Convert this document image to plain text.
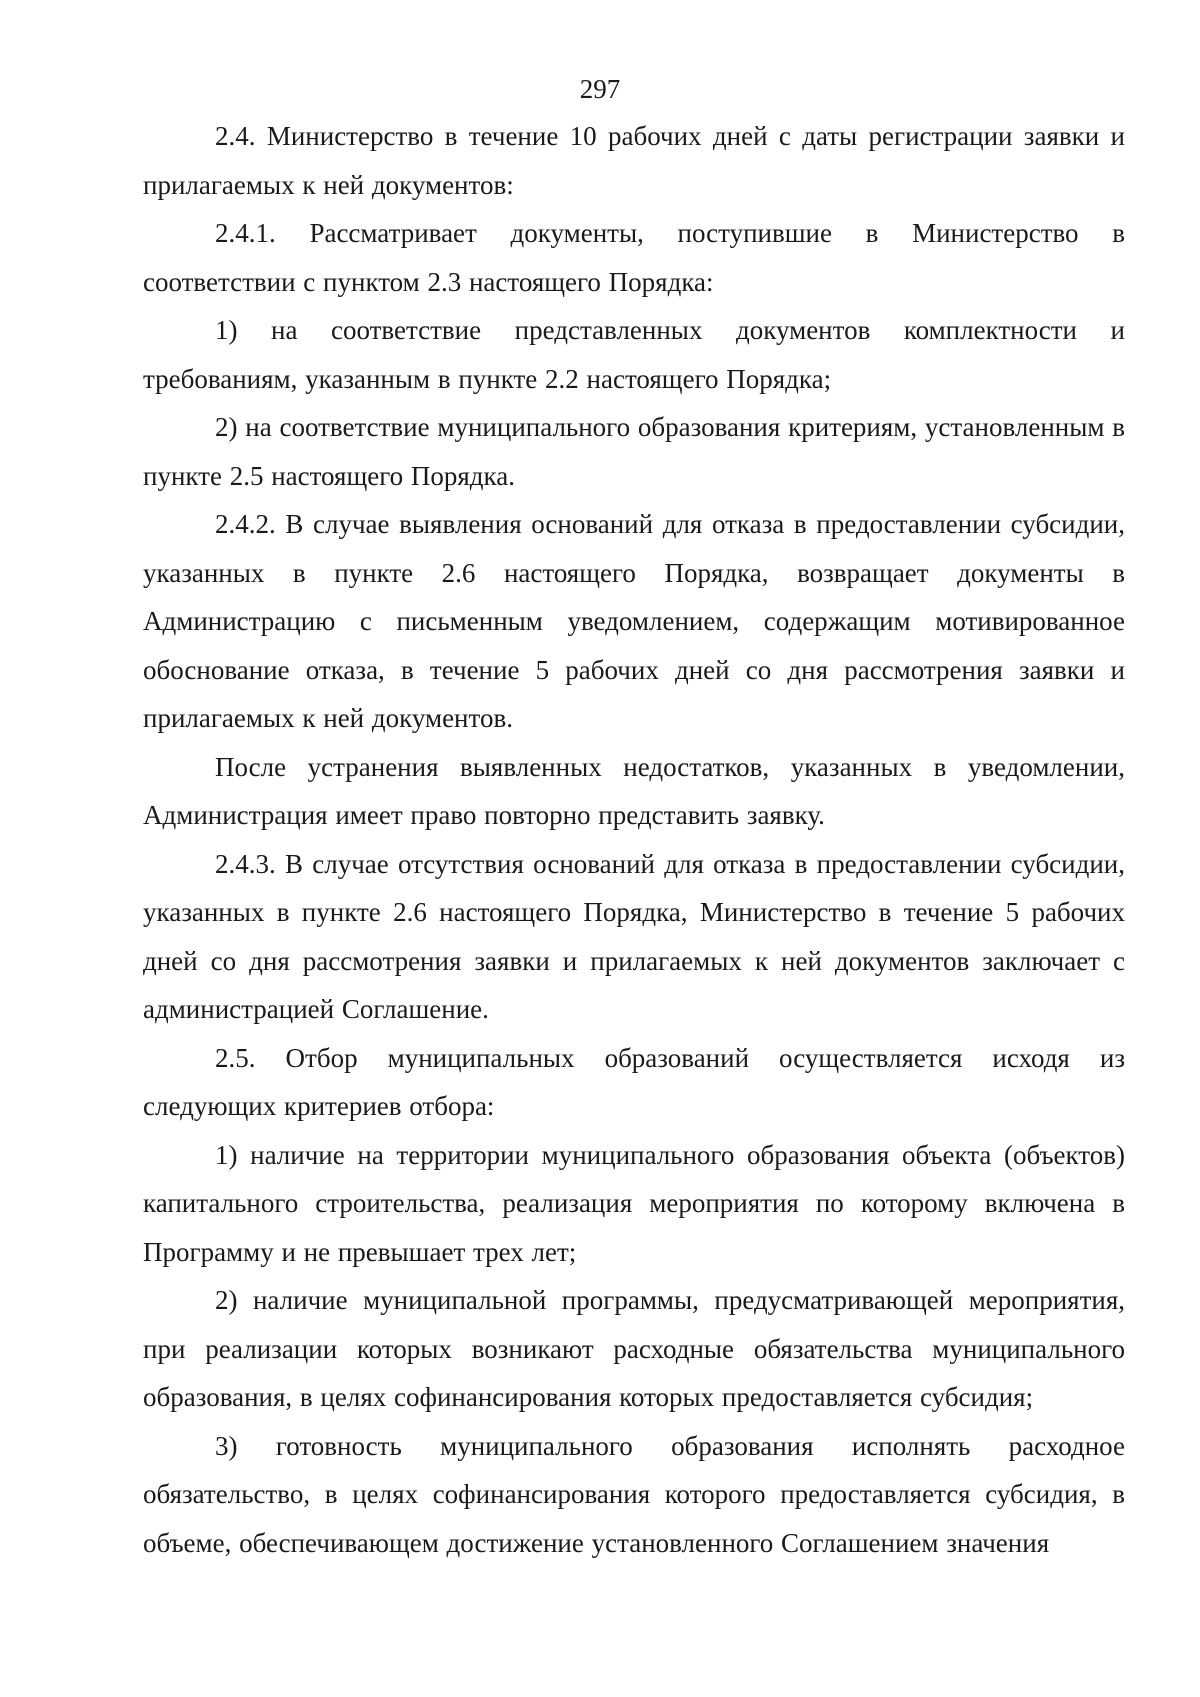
297

2.4. Министерство в течение 10 рабочих дней с даты регистрации заявки и прилагаемых к ней документов:

2.4.1. Рассматривает документы, поступившие в Министерство в соответствии с пунктом 2.3 настоящего Порядка:

1) на соответствие представленных документов комплектности и требованиям, указанным в пункте 2.2 настоящего Порядка;

2) на соответствие муниципального образования критериям, установленным в пункте 2.5 настоящего Порядка.

2.4.2. В случае выявления оснований для отказа в предоставлении субсидии, указанных в пункте 2.6 настоящего Порядка, возвращает документы в Администрацию с письменным уведомлением, содержащим мотивированное обоснование отказа, в течение 5 рабочих дней со дня рассмотрения заявки и прилагаемых к ней документов.

После устранения выявленных недостатков, указанных в уведомлении, Администрация имеет право повторно представить заявку.

2.4.3. В случае отсутствия оснований для отказа в предоставлении субсидии, указанных в пункте 2.6 настоящего Порядка, Министерство в течение 5 рабочих дней со дня рассмотрения заявки и прилагаемых к ней документов заключает с администрацией Соглашение.

2.5. Отбор муниципальных образований осуществляется исходя из следующих критериев отбора:

1) наличие на территории муниципального образования объекта (объектов) капитального строительства, реализация мероприятия по которому включена в Программу и не превышает трех лет;

2) наличие муниципальной программы, предусматривающей мероприятия, при реализации которых возникают расходные обязательства муниципального образования, в целях софинансирования которых предоставляется субсидия;

3) готовность муниципального образования исполнять расходное обязательство, в целях софинансирования которого предоставляется субсидия, в объеме, обеспечивающем достижение установленного Соглашением значения
